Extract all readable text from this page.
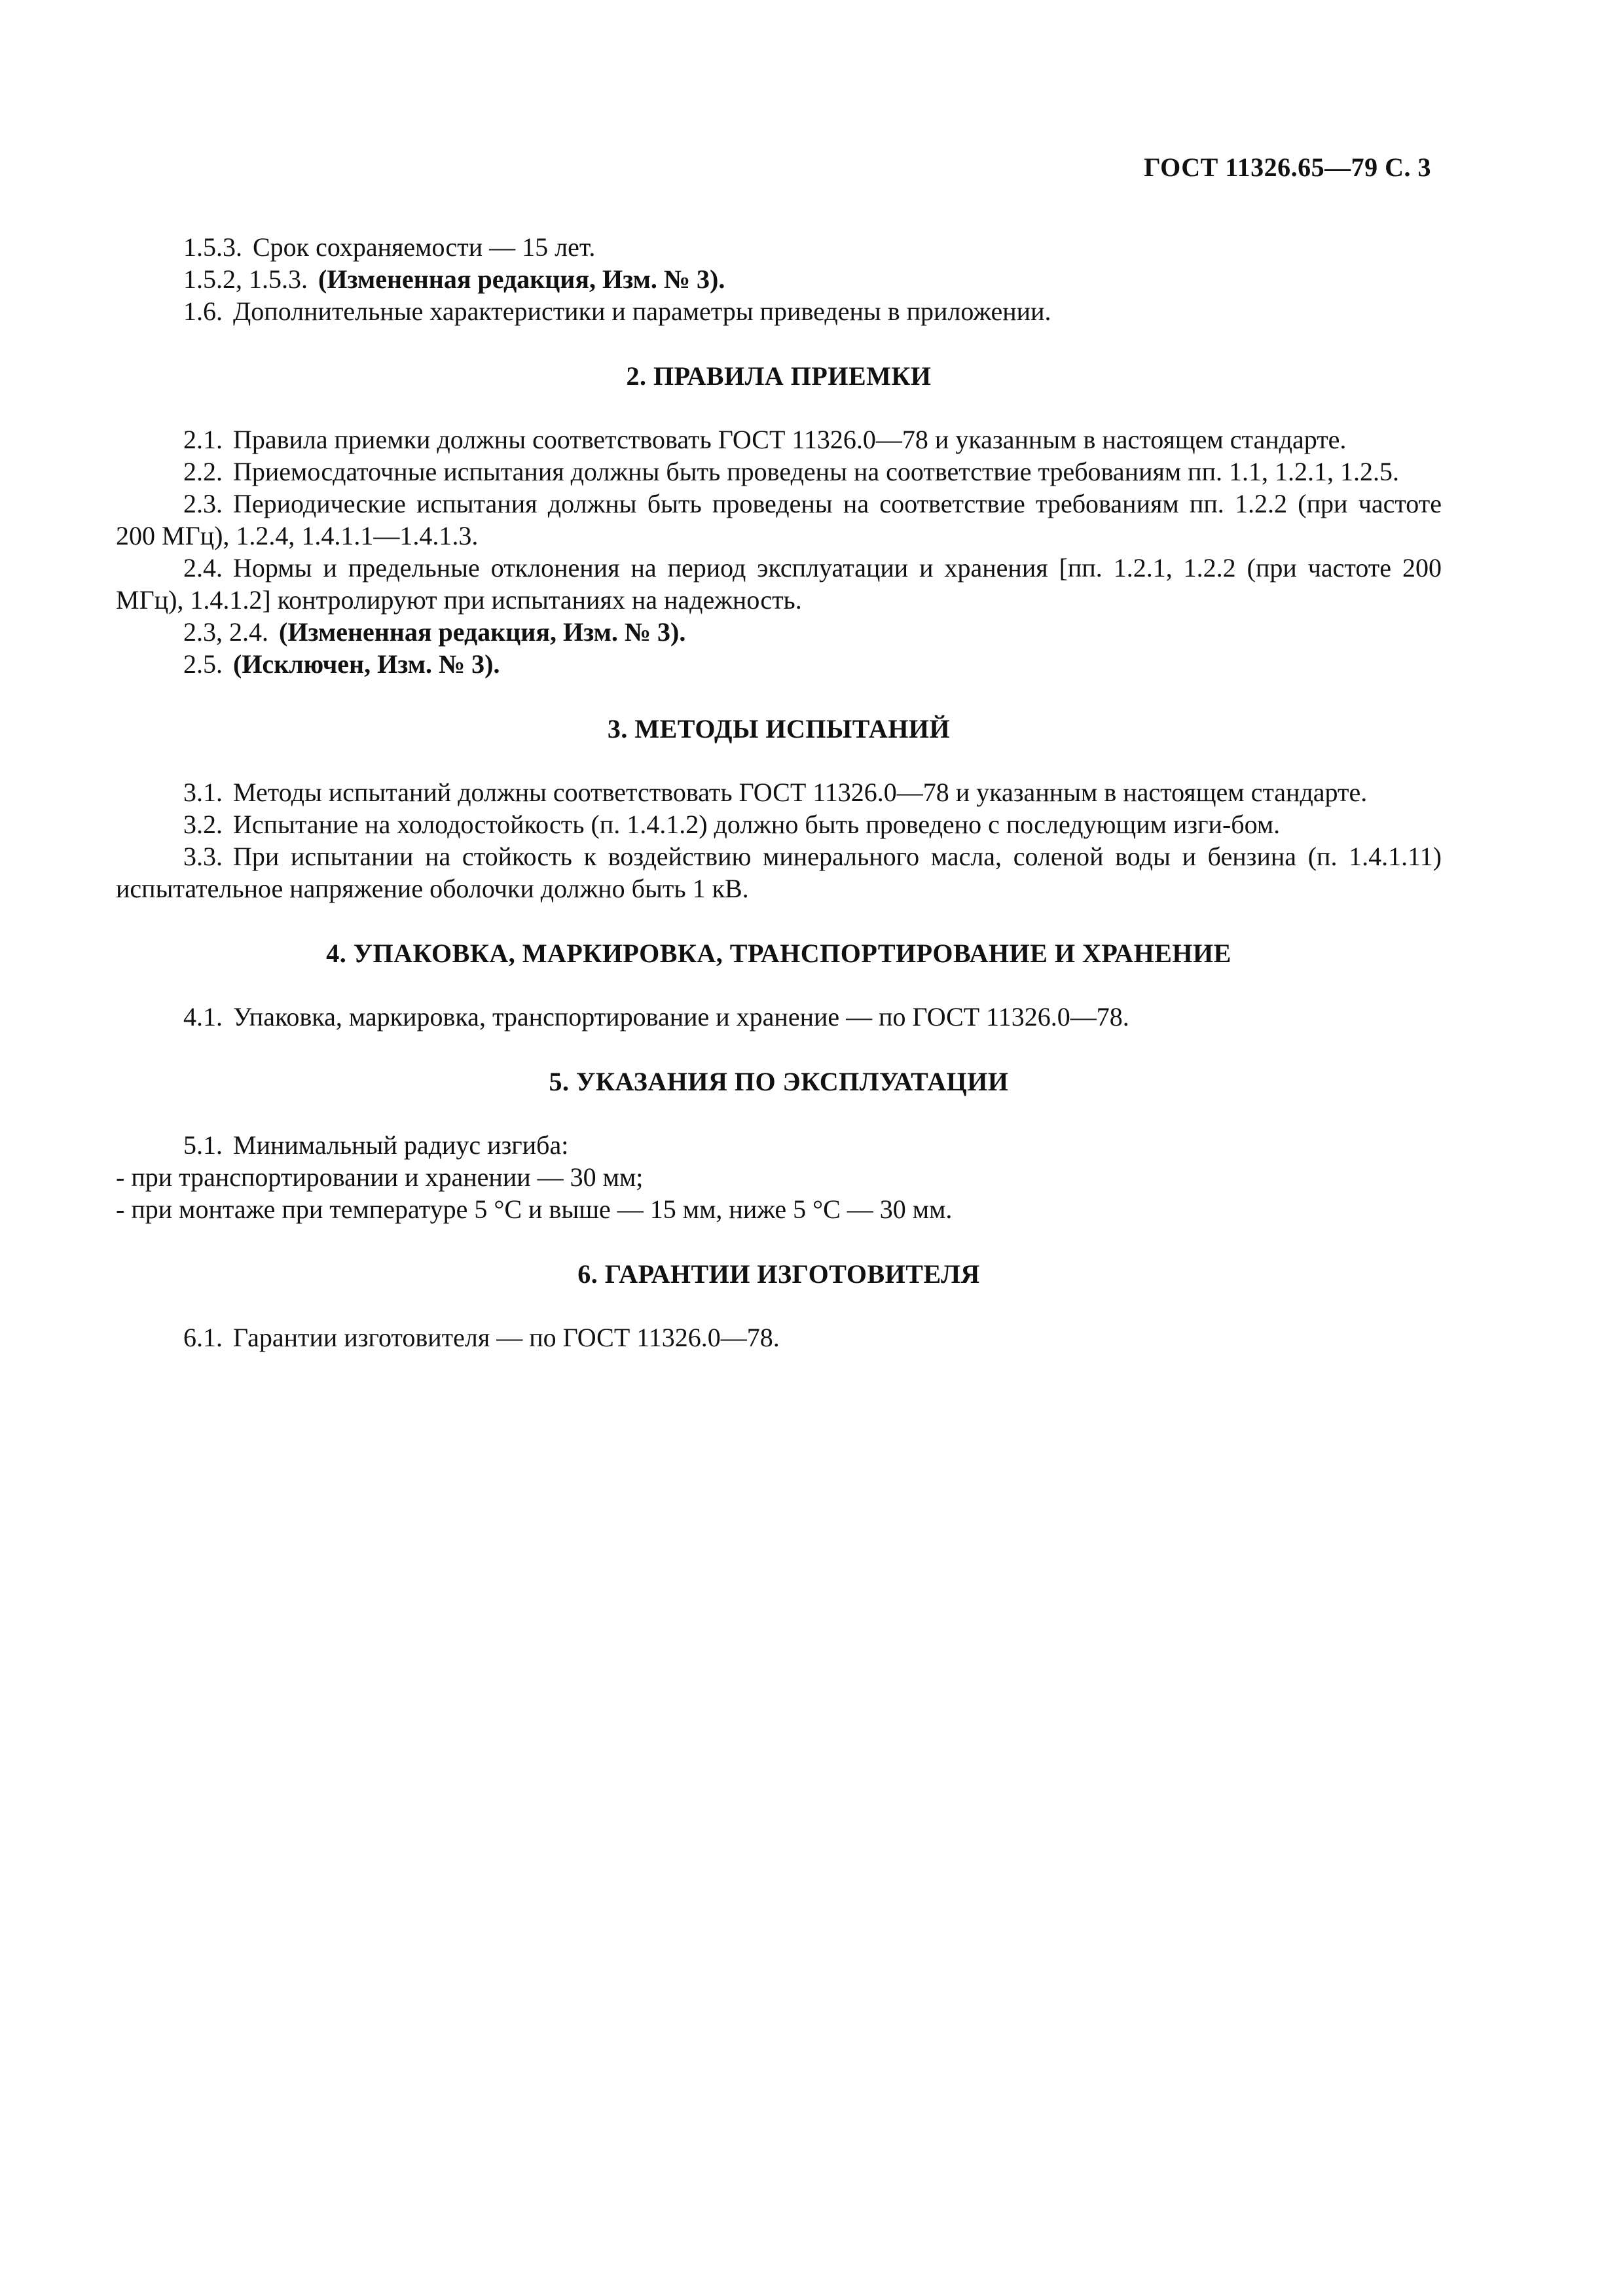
ГОСТ 11326.65—79 С. 3

1.5.3. Срок сохраняемости — 15 лет.

1.5.2, 1.5.3. (Измененная редакция, Изм. № 3).

1.6. Дополнительные характеристики и параметры приведены в приложении.

2. ПРАВИЛА ПРИЕМКИ

2.1. Правила приемки должны соответствовать ГОСТ 11326.0—78 и указанным в настоящем стандарте.

2.2. Приемосдаточные испытания должны быть проведены на соответствие требованиям пп. 1.1, 1.2.1, 1.2.5.

2.3. Периодические испытания должны быть проведены на соответствие требованиям пп. 1.2.2 (при частоте 200 МГц), 1.2.4, 1.4.1.1—1.4.1.3.

2.4. Нормы и предельные отклонения на период эксплуатации и хранения [пп. 1.2.1, 1.2.2 (при частоте 200 МГц), 1.4.1.2] контролируют при испытаниях на надежность.

2.3, 2.4. (Измененная редакция, Изм. № 3).

2.5. (Исключен, Изм. № 3).

3. МЕТОДЫ ИСПЫТАНИЙ

3.1. Методы испытаний должны соответствовать ГОСТ 11326.0—78 и указанным в настоящем стандарте.

3.2. Испытание на холодостойкость (п. 1.4.1.2) должно быть проведено с последующим изги-бом.

3.3. При испытании на стойкость к воздействию минерального масла, соленой воды и бензина (п. 1.4.1.11) испытательное напряжение оболочки должно быть 1 кВ.

4. УПАКОВКА, МАРКИРОВКА, ТРАНСПОРТИРОВАНИЕ И ХРАНЕНИЕ

4.1. Упаковка, маркировка, транспортирование и хранение — по ГОСТ 11326.0—78.

5. УКАЗАНИЯ ПО ЭКСПЛУАТАЦИИ

5.1. Минимальный радиус изгиба:

- при транспортировании и хранении — 30 мм;

- при монтаже при температуре 5 °С и выше — 15 мм, ниже 5 °С — 30 мм.

6. ГАРАНТИИ ИЗГОТОВИТЕЛЯ

6.1. Гарантии изготовителя — по ГОСТ 11326.0—78.
